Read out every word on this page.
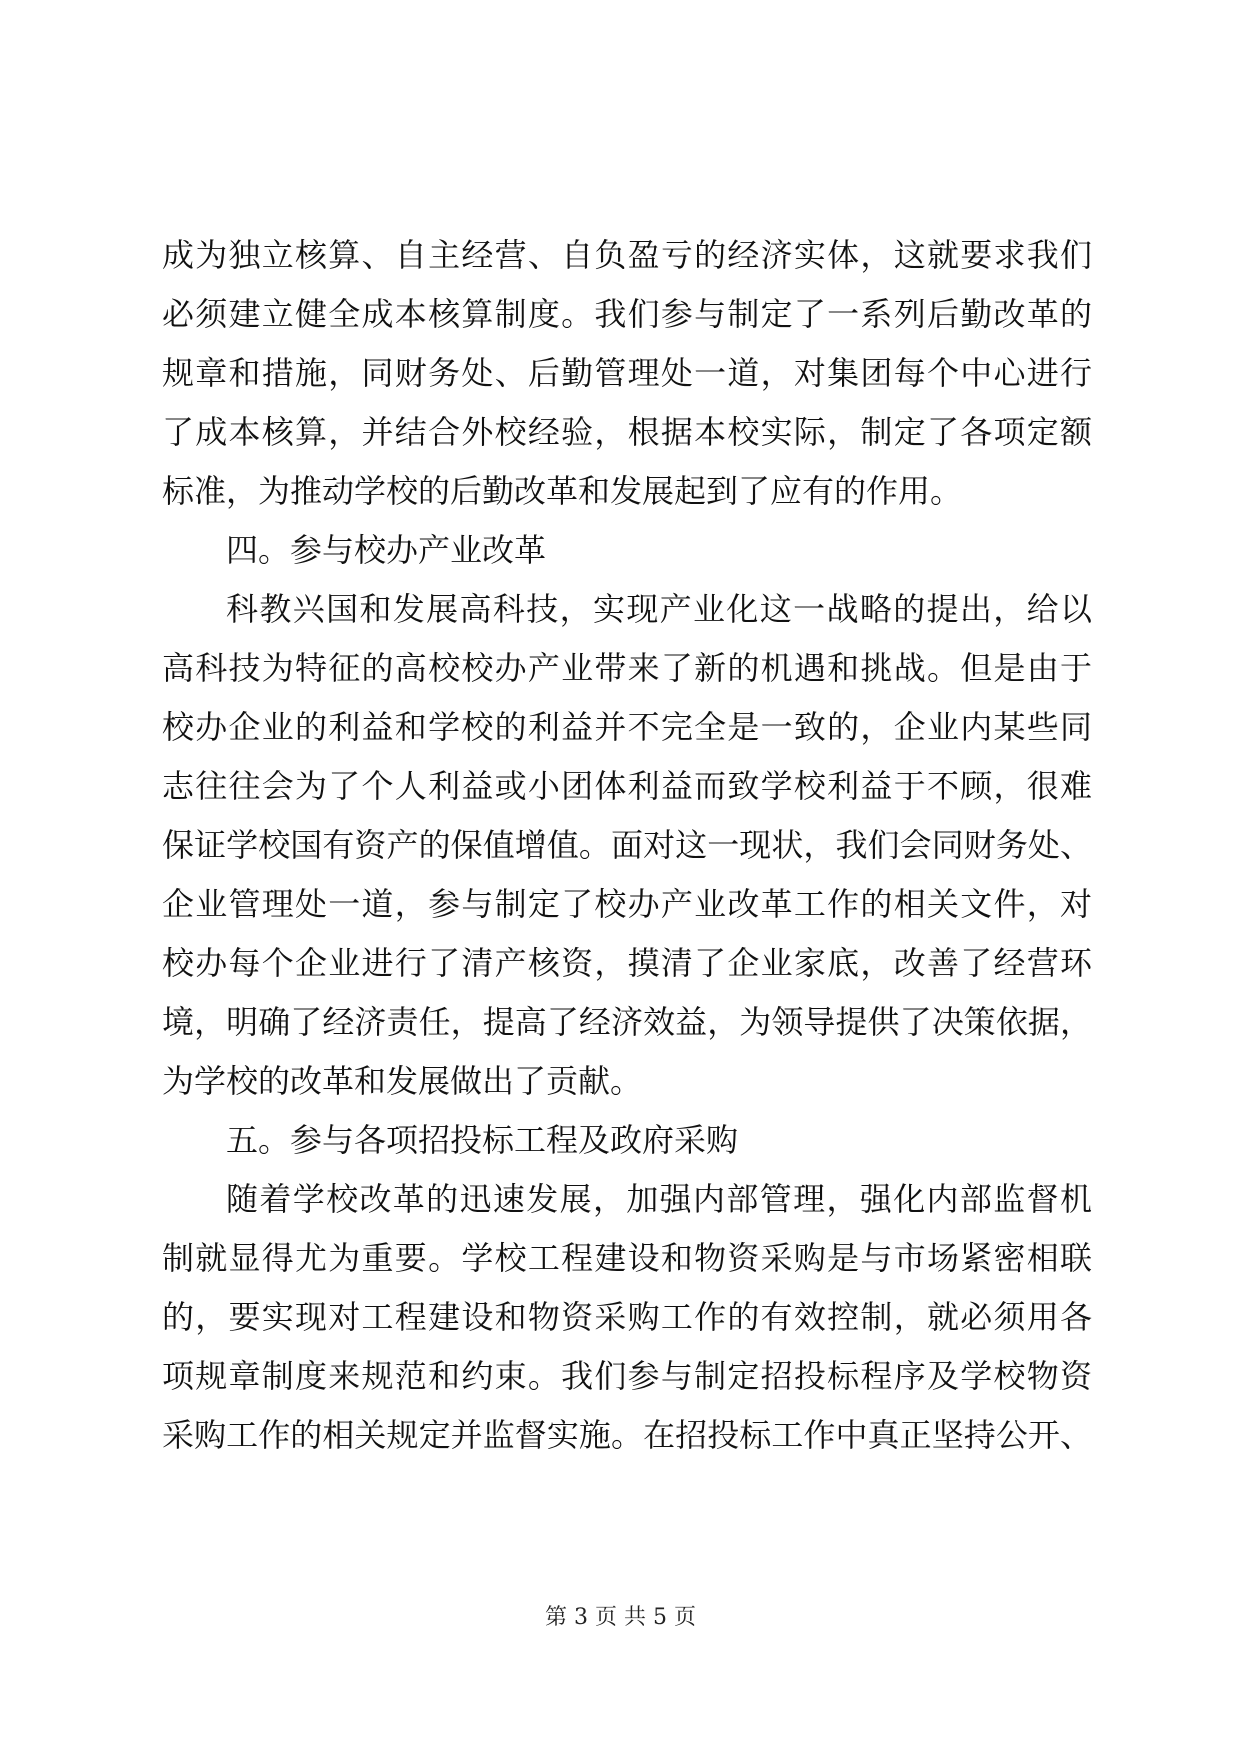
成为独立核算、自主经营、自负盈亏的经济实体，这就要求我们
必须建立健全成本核算制度。我们参与制定了一系列后勤改革的
规章和措施，同财务处、后勤管理处一道，对集团每个中心进行
了成本核算，并结合外校经验，根据本校实际，制定了各项定额
标准，为推动学校的后勤改革和发展起到了应有的作用。
四。参与校办产业改革
科教兴国和发展高科技，实现产业化这一战略的提出，给以
高科技为特征的高校校办产业带来了新的机遇和挑战。但是由于
校办企业的利益和学校的利益并不完全是一致的，企业内某些同
志往往会为了个人利益或小团体利益而致学校利益于不顾，很难
保证学校国有资产的保值增值。面对这一现状，我们会同财务处、
企业管理处一道，参与制定了校办产业改革工作的相关文件，对
校办每个企业进行了清产核资，摸清了企业家底，改善了经营环
境，明确了经济责任，提高了经济效益，为领导提供了决策依据，
为学校的改革和发展做出了贡献。
五。参与各项招投标工程及政府采购
随着学校改革的迅速发展，加强内部管理，强化内部监督机
制就显得尤为重要。学校工程建设和物资采购是与市场紧密相联
的，要实现对工程建设和物资采购工作的有效控制，就必须用各
项规章制度来规范和约束。我们参与制定招投标程序及学校物资
采购工作的相关规定并监督实施。在招投标工作中真正坚持公开、
第 3 页 共 5 页
